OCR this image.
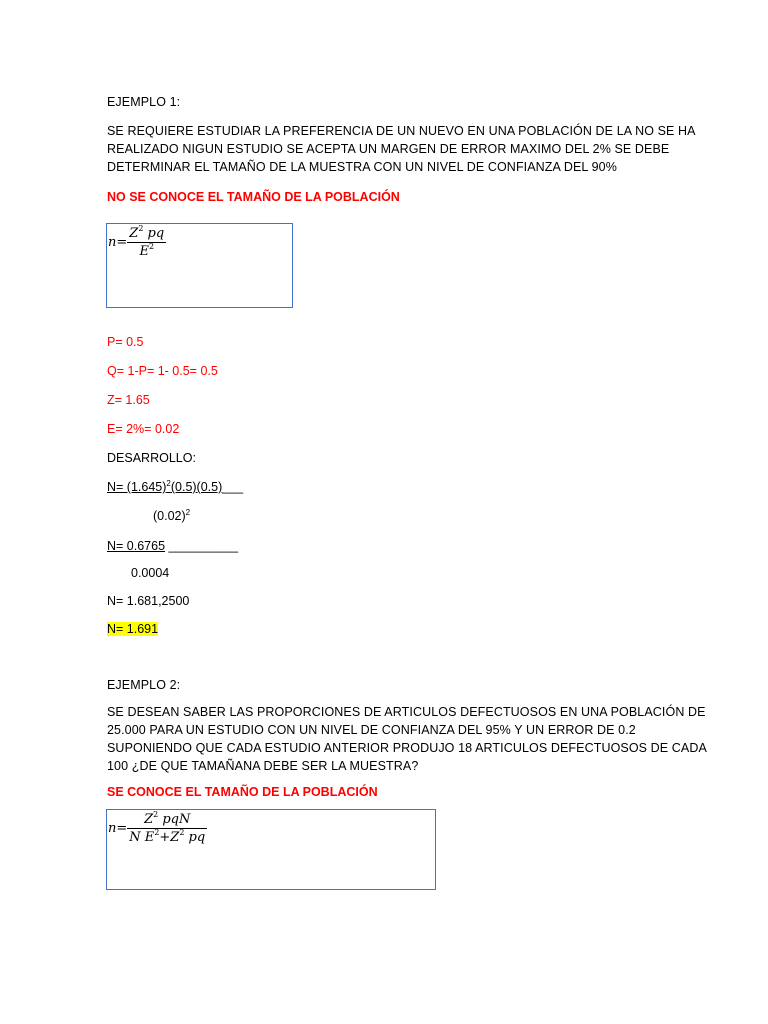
EJEMPLO 1:
SE REQUIERE ESTUDIAR LA PREFERENCIA DE UN NUEVO EN UNA POBLACIÓN DE LA NO SE HA
REALIZADO NIGUN ESTUDIO SE ACEPTA UN MARGEN DE ERROR MAXIMO DEL 2% SE DEBE
DETERMINAR EL TAMAÑO DE LA MUESTRA CON UN NIVEL DE CONFIANZA DEL 90%
NO SE CONOCE EL TAMAÑO DE LA POBLACIÓN
$n= \frac{Z^2 pq}{E^2}$
P= 0.5
Q= 1-P= 1- 0.5= 0.5
Z= 1.65
E= 2%= 0.02
DESARROLLO:
$N= (1.645)^2(0.5)(0.5)\_\_\_$
$(0.02)^2$
N= 0.6765 __________
0.0004
N= 1.681,2500
N= 1.691
EJEMPLO 2:
SE DESEAN SABER LAS PROPORCIONES DE ARTICULOS DEFECTUOSOS EN UNA POBLACIÓN DE
25.000 PARA UN ESTUDIO CON UN NIVEL DE CONFIANZA DEL 95% Y UN ERROR DE 0.2
SUPONIENDO QUE CADA ESTUDIO ANTERIOR PRODUJO 18 ARTICULOS DEFECTUOSOS DE CADA
100 ¿DE QUE TAMAÑANA DEBE SER LA MUESTRA?
SE CONOCE EL TAMAÑO DE LA POBLACIÓN
$n= \frac{Z^2 pqN}{N E^2+Z^2 pq}$
